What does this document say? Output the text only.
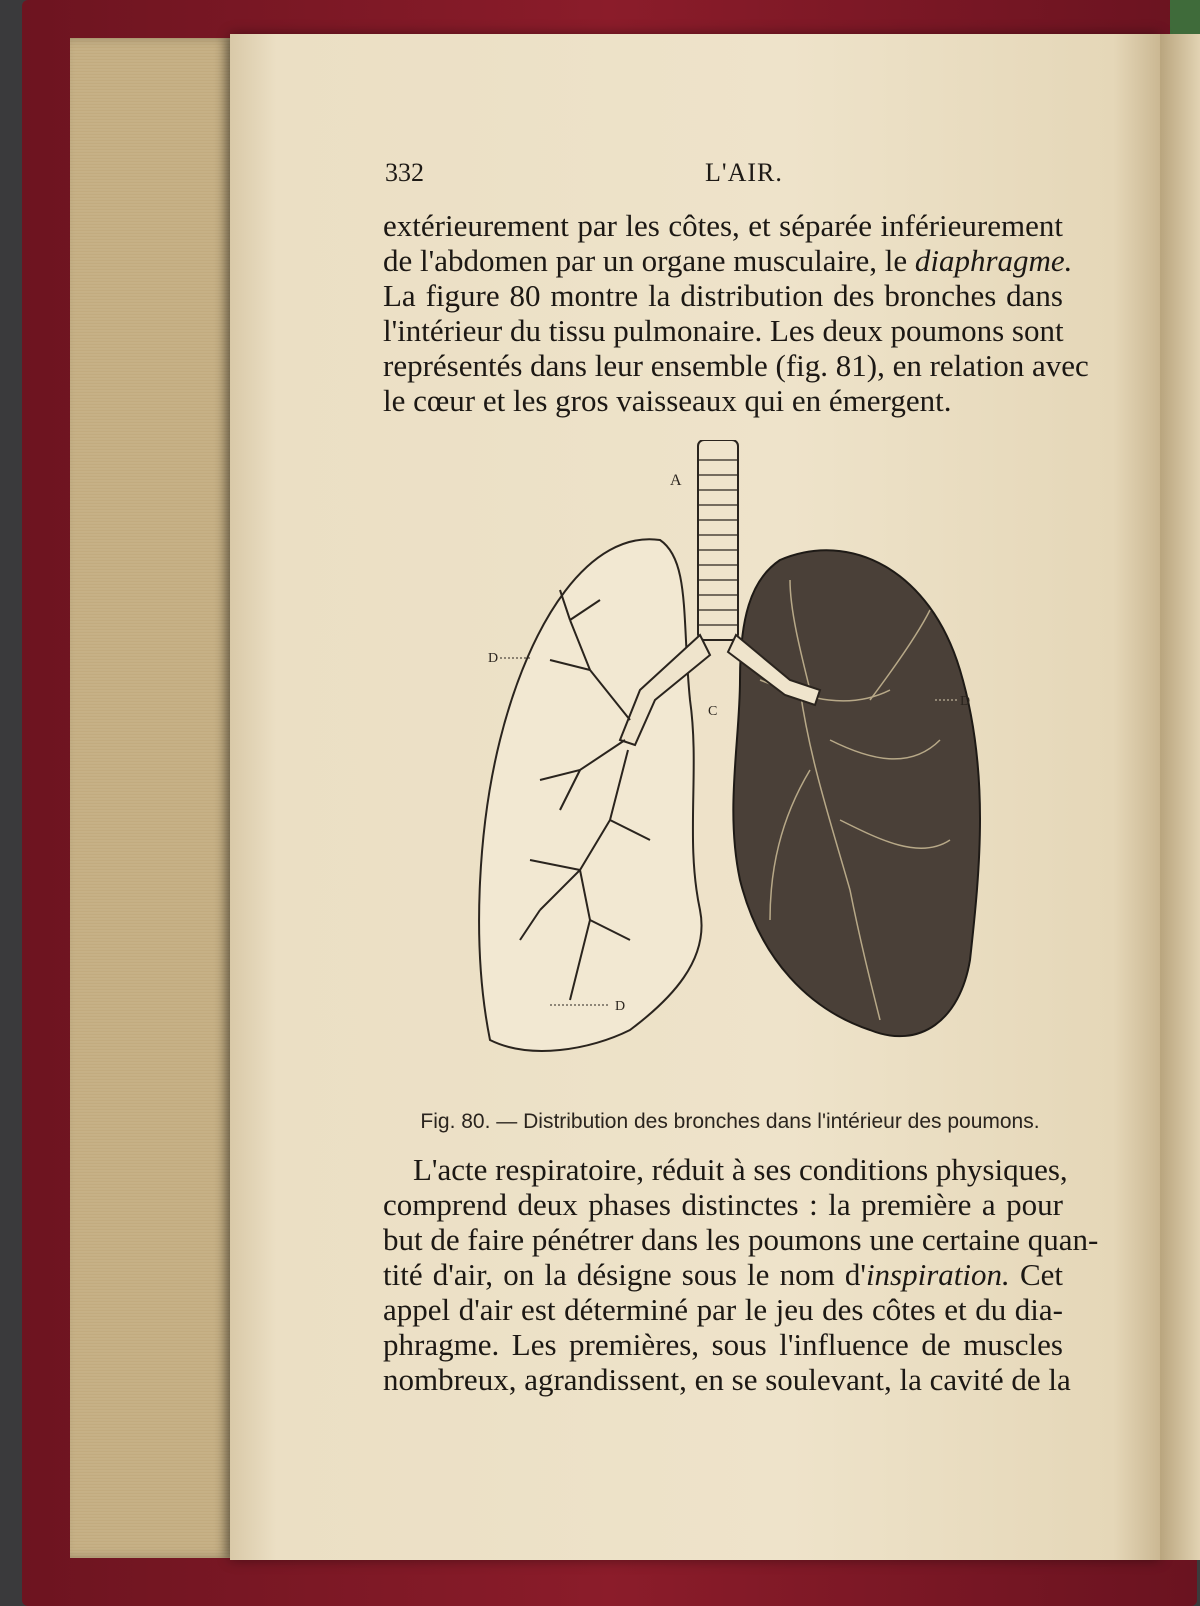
332	L'AIR.
extérieurement par les côtes, et séparée inférieurement
de l'abdomen par un organe musculaire, le diaphragme.
La figure 80 montre la distribution des bronches dans
l'intérieur du tissu pulmonaire. Les deux poumons sont
représentés dans leur ensemble (fig. 81), en relation avec
le cœur et les gros vaisseaux qui en émergent.
A
C
D
D
D
Fig. 80. — Distribution des bronches dans l'intérieur des poumons.
L'acte respiratoire, réduit à ses conditions physiques,
comprend deux phases distinctes : la première a pour
but de faire pénétrer dans les poumons une certaine quan-
tité d'air, on la désigne sous le nom d'inspiration. Cet
appel d'air est déterminé par le jeu des côtes et du dia-
phragme. Les premières, sous l'influence de muscles
nombreux, agrandissent, en se soulevant, la cavité de la
